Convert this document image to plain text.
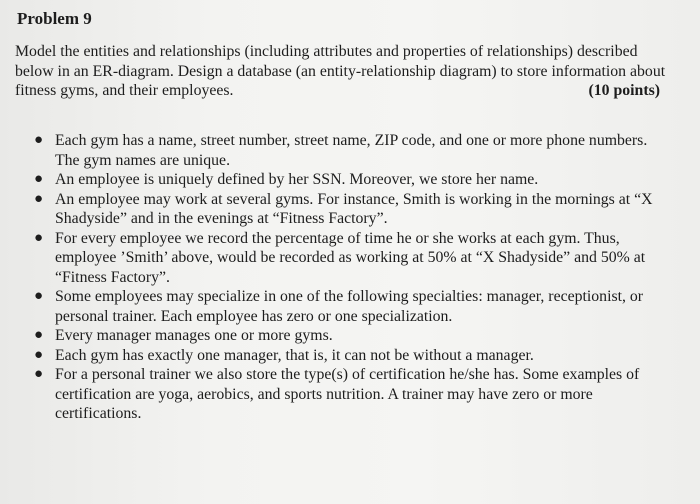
Problem 9
Model the entities and relationships (including attributes and properties of relationships) described below in an ER-diagram. Design a database (an entity-relationship diagram) to store information about fitness gyms, and their employees.	(10 points)
● Each gym has a name, street number, street name, ZIP code, and one or more phone numbers. The gym names are unique.
● An employee is uniquely defined by her SSN. Moreover, we store her name.
● An employee may work at several gyms. For instance, Smith is working in the mornings at “X Shadyside” and in the evenings at “Fitness Factory”.
● For every employee we record the percentage of time he or she works at each gym. Thus, employee ’Smith’ above, would be recorded as working at 50% at “X Shadyside” and 50% at “Fitness Factory”.
● Some employees may specialize in one of the following specialties: manager, receptionist, or personal trainer. Each employee has zero or one specialization.
● Every manager manages one or more gyms.
● Each gym has exactly one manager, that is, it can not be without a manager.
● For a personal trainer we also store the type(s) of certification he/she has. Some examples of certification are yoga, aerobics, and sports nutrition. A trainer may have zero or more certifications.
